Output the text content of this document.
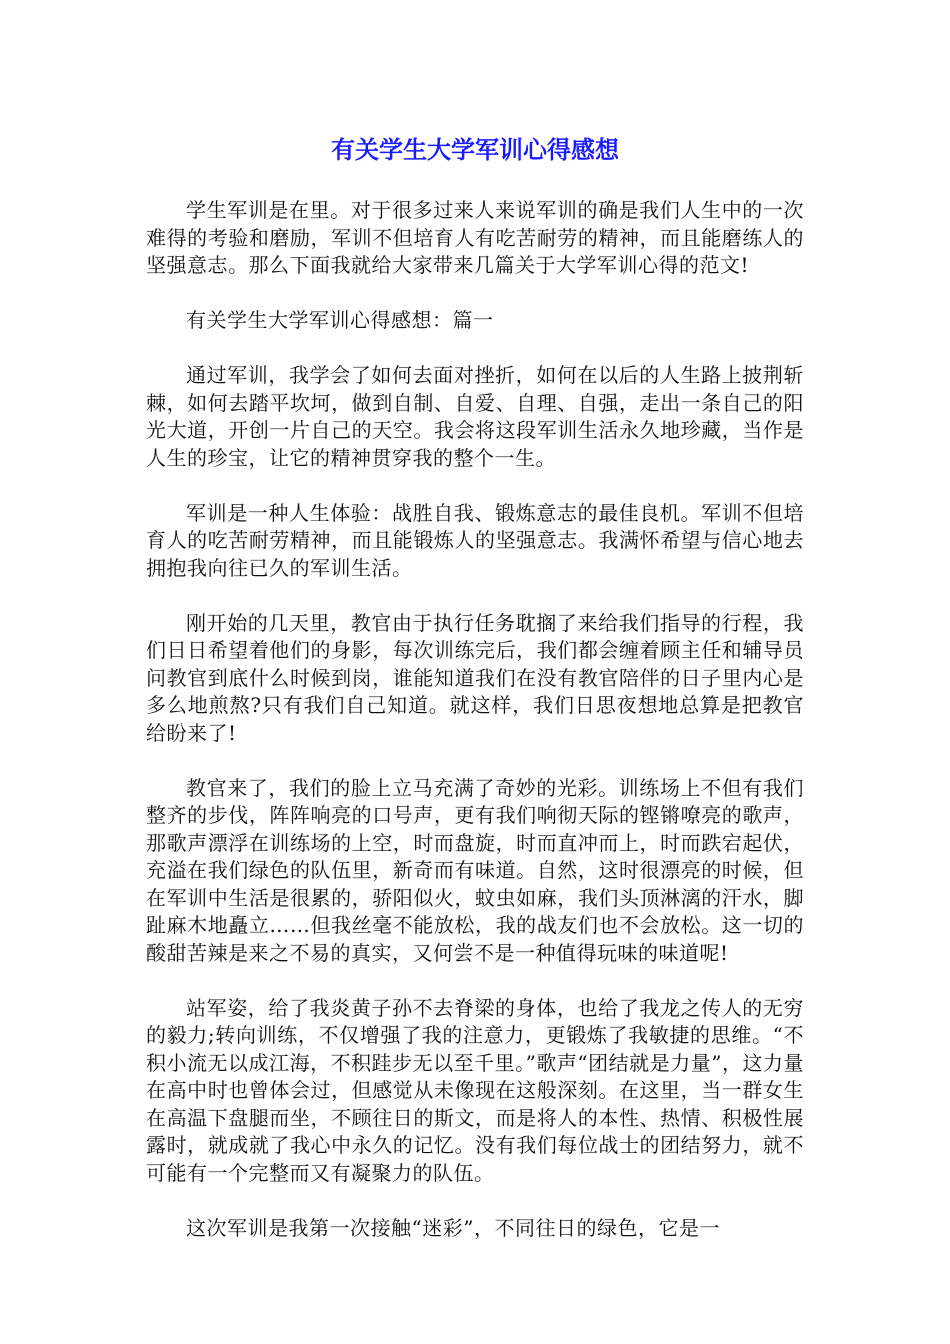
有关学生大学军训心得感想

学生军训是在里。对于很多过来人来说军训的确是我们人生中的一次难得的考验和磨励，军训不但培育人有吃苦耐劳的精神，而且能磨练人的坚强意志。那么下面我就给大家带来几篇关于大学军训心得的范文!

有关学生大学军训心得感想：篇一

通过军训，我学会了如何去面对挫折，如何在以后的人生路上披荆斩棘，如何去踏平坎坷，做到自制、自爱、自理、自强，走出一条自己的阳光大道，开创一片自己的天空。我会将这段军训生活永久地珍藏，当作是人生的珍宝，让它的精神贯穿我的整个一生。

军训是一种人生体验：战胜自我、锻炼意志的最佳良机。军训不但培育人的吃苦耐劳精神，而且能锻炼人的坚强意志。我满怀希望与信心地去拥抱我向往已久的军训生活。

刚开始的几天里，教官由于执行任务耽搁了来给我们指导的行程，我们日日希望着他们的身影，每次训练完后，我们都会缠着顾主任和辅导员问教官到底什么时候到岗，谁能知道我们在没有教官陪伴的日子里内心是多么地煎熬?只有我们自己知道。就这样，我们日思夜想地总算是把教官给盼来了!

教官来了，我们的脸上立马充满了奇妙的光彩。训练场上不但有我们整齐的步伐，阵阵响亮的口号声，更有我们响彻天际的铿锵嘹亮的歌声，那歌声漂浮在训练场的上空，时而盘旋，时而直冲而上，时而跌宕起伏，充溢在我们绿色的队伍里，新奇而有味道。自然，这时很漂亮的时候，但在军训中生活是很累的，骄阳似火，蚊虫如麻，我们头顶淋漓的汗水，脚趾麻木地矗立……但我丝毫不能放松，我的战友们也不会放松。这一切的酸甜苦辣是来之不易的真实，又何尝不是一种值得玩味的味道呢!

站军姿，给了我炎黄子孙不去脊梁的身体，也给了我龙之传人的无穷的毅力;转向训练，不仅增强了我的注意力，更锻炼了我敏捷的思维。“不积小流无以成江海，不积跬步无以至千里。”歌声“团结就是力量”，这力量在高中时也曾体会过，但感觉从未像现在这般深刻。在这里，当一群女生在高温下盘腿而坐，不顾往日的斯文，而是将人的本性、热情、积极性展露时，就成就了我心中永久的记忆。没有我们每位战士的团结努力，就不可能有一个完整而又有凝聚力的队伍。

这次军训是我第一次接触“迷彩”，不同往日的绿色，它是一
